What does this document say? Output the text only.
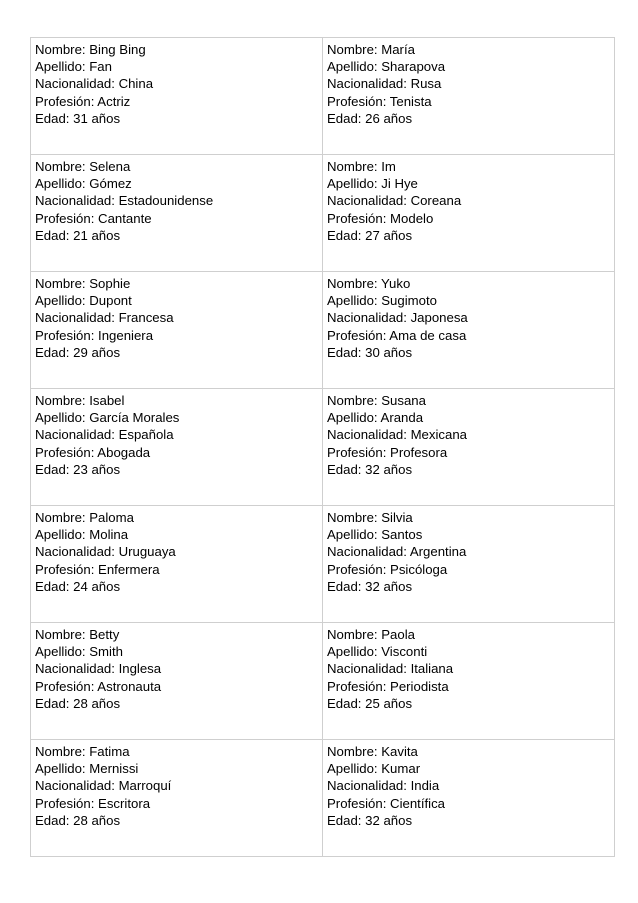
Nombre: Bing Bing
Apellido: Fan
Nacionalidad: China
Profesión: Actriz
Edad: 31 años	Nombre: María
Apellido: Sharapova
Nacionalidad: Rusa
Profesión: Tenista
Edad: 26 años

Nombre: Selena
Apellido: Gómez
Nacionalidad: Estadounidense
Profesión: Cantante
Edad: 21 años	Nombre: Im
Apellido: Ji Hye
Nacionalidad: Coreana
Profesión: Modelo
Edad: 27 años

Nombre: Sophie
Apellido: Dupont
Nacionalidad: Francesa
Profesión: Ingeniera
Edad: 29 años	Nombre: Yuko
Apellido: Sugimoto
Nacionalidad: Japonesa
Profesión: Ama de casa
Edad: 30 años

Nombre: Isabel
Apellido: García Morales
Nacionalidad: Española
Profesión: Abogada
Edad: 23 años	Nombre: Susana
Apellido: Aranda
Nacionalidad: Mexicana
Profesión: Profesora
Edad: 32 años

Nombre: Paloma
Apellido: Molina
Nacionalidad: Uruguaya
Profesión: Enfermera
Edad: 24 años	Nombre: Silvia
Apellido: Santos
Nacionalidad: Argentina
Profesión: Psicóloga
Edad: 32 años

Nombre: Betty
Apellido: Smith
Nacionalidad: Inglesa
Profesión: Astronauta
Edad: 28 años	Nombre: Paola
Apellido: Visconti
Nacionalidad: Italiana
Profesión: Periodista
Edad: 25 años

Nombre: Fatima
Apellido: Mernissi
Nacionalidad: Marroquí
Profesión: Escritora
Edad: 28 años	Nombre: Kavita
Apellido: Kumar
Nacionalidad: India
Profesión: Científica
Edad: 32 años
